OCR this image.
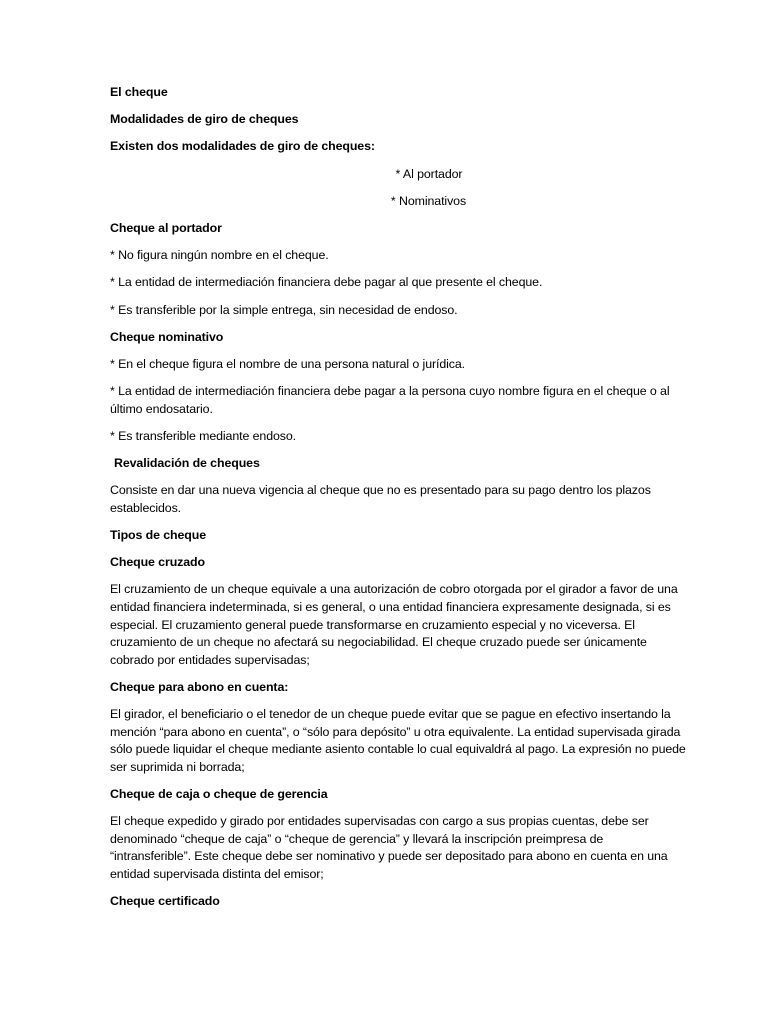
El cheque

Modalidades de giro de cheques

Existen dos modalidades de giro de cheques:

* Al portador

* Nominativos

Cheque al portador

* No figura ningún nombre en el cheque.

* La entidad de intermediación financiera debe pagar al que presente el cheque.

* Es transferible por la simple entrega, sin necesidad de endoso.

Cheque nominativo

* En el cheque figura el nombre de una persona natural o jurídica.

* La entidad de intermediación financiera debe pagar a la persona cuyo nombre figura en el cheque o al último endosatario.

* Es transferible mediante endoso.

Revalidación de cheques

Consiste en dar una nueva vigencia al cheque que no es presentado para su pago dentro los plazos establecidos.

Tipos de cheque

Cheque cruzado

El cruzamiento de un cheque equivale a una autorización de cobro otorgada por el girador a favor de una entidad financiera indeterminada, si es general, o una entidad financiera expresamente designada, si es especial. El cruzamiento general puede transformarse en cruzamiento especial y no viceversa. El cruzamiento de un cheque no afectará su negociabilidad. El cheque cruzado puede ser únicamente cobrado por entidades supervisadas;

Cheque para abono en cuenta:

El girador, el beneficiario o el tenedor de un cheque puede evitar que se pague en efectivo insertando la mención “para abono en cuenta”, o “sólo para depósito” u otra equivalente. La entidad supervisada girada sólo puede liquidar el cheque mediante asiento contable lo cual equivaldrá al pago. La expresión no puede ser suprimida ni borrada;

Cheque de caja o cheque de gerencia

El cheque expedido y girado por entidades supervisadas con cargo a sus propias cuentas, debe ser denominado “cheque de caja” o “cheque de gerencia” y llevará la inscripción preimpresa de “intransferible”. Este cheque debe ser nominativo y puede ser depositado para abono en cuenta en una entidad supervisada distinta del emisor;

Cheque certificado
